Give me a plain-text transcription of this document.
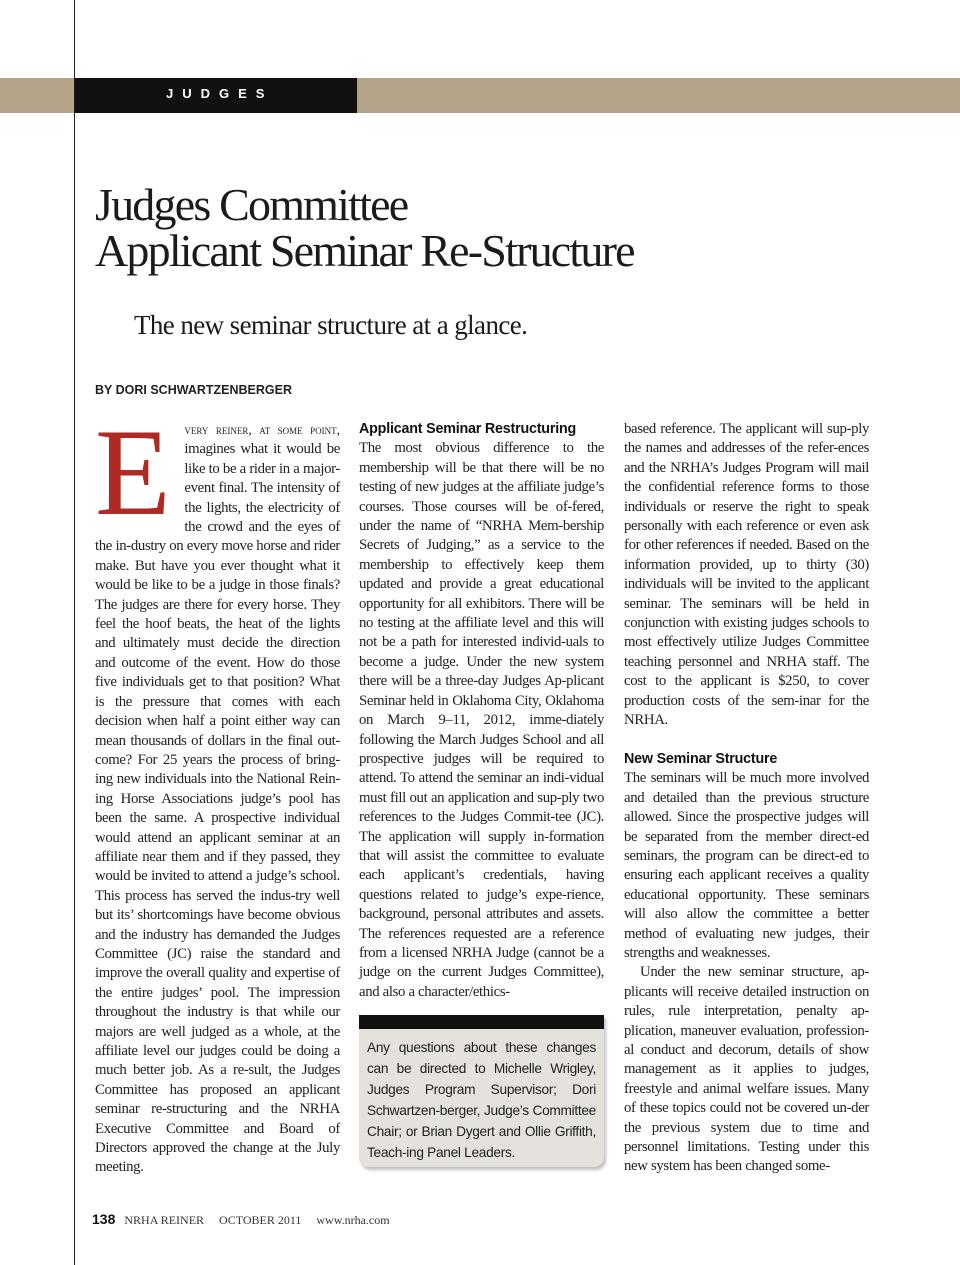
JUDGES
Judges Committee
Applicant Seminar Re-Structure
The new seminar structure at a glance.
BY DORI SCHWARTZENBERGER

E very reiner, at some point, imagines what it would be like to be a rider in a major-event final. The intensity of the lights, the electricity of the crowd and the eyes of the in-dustry on every move horse and rider make. But have you ever thought what it would be like to be a judge in those finals? The judges are there for every horse. They feel the hoof beats, the heat of the lights and ultimately must decide the direction and outcome of the event. How do those five individuals get to that position? What is the pressure that comes with each decision when half a point either way can mean thousands of dollars in the final out-come? For 25 years the process of bring-ing new individuals into the National Rein-ing Horse Associations judge’s pool has been the same. A prospective individual would attend an applicant seminar at an affiliate near them and if they passed, they would be invited to attend a judge’s school. This process has served the indus-try well but its’ shortcomings have become obvious and the industry has demanded the Judges Committee (JC) raise the standard and improve the overall quality and expertise of the entire judges’ pool. The impression throughout the industry is that while our majors are well judged as a whole, at the affiliate level our judges could be doing a much better job. As a re-sult, the Judges Committee has proposed an applicant seminar re-structuring and the NRHA Executive Committee and Board of Directors approved the change at the July meeting.

Applicant Seminar Restructuring

The most obvious difference to the membership will be that there will be no testing of new judges at the affiliate judge’s courses. Those courses will be of-fered, under the name of “NRHA Mem-bership Secrets of Judging,” as a service to the membership to effectively keep them updated and provide a great educational opportunity for all exhibitors. There will be no testing at the affiliate level and this will not be a path for interested individ-uals to become a judge. Under the new system there will be a three-day Judges Ap-plicant Seminar held in Oklahoma City, Oklahoma on March 9–11, 2012, imme-diately following the March Judges School and all prospective judges will be required to attend. To attend the seminar an indi-vidual must fill out an application and sup-ply two references to the Judges Commit-tee (JC). The application will supply in-formation that will assist the committee to evaluate each applicant’s credentials, having questions related to judge’s expe-rience, background, personal attributes and assets. The references requested are a reference from a licensed NRHA Judge (cannot be a judge on the current Judges Committee), and also a character/ethics-

based reference. The applicant will sup-ply the names and addresses of the refer-ences and the NRHA’s Judges Program will mail the confidential reference forms to those individuals or reserve the right to speak personally with each reference or even ask for other references if needed. Based on the information provided, up to thirty (30) individuals will be invited to the applicant seminar. The seminars will be held in conjunction with existing judges schools to most effectively utilize Judges Committee teaching personnel and NRHA staff. The cost to the applicant is $250, to cover production costs of the sem-inar for the NRHA.

New Seminar Structure

The seminars will be much more involved and detailed than the previous structure allowed. Since the prospective judges will be separated from the member direct-ed seminars, the program can be direct-ed to ensuring each applicant receives a quality educational opportunity. These seminars will also allow the committee a better method of evaluating new judges, their strengths and weaknesses.

Under the new seminar structure, ap-plicants will receive detailed instruction on rules, rule interpretation, penalty ap-plication, maneuver evaluation, profession-al conduct and decorum, details of show management as it applies to judges, freestyle and animal welfare issues. Many of these topics could not be covered un-der the previous system due to time and personnel limitations. Testing under this new system has been changed some-

Any questions about these changes can be directed to Michelle Wrigley, Judges Program Supervisor; Dori Schwartzen-berger, Judge’s Committee Chair; or Brian Dygert and Ollie Griffith, Teach-ing Panel Leaders.
138 NRHA REINER OCTOBER 2011 www.nrha.com
